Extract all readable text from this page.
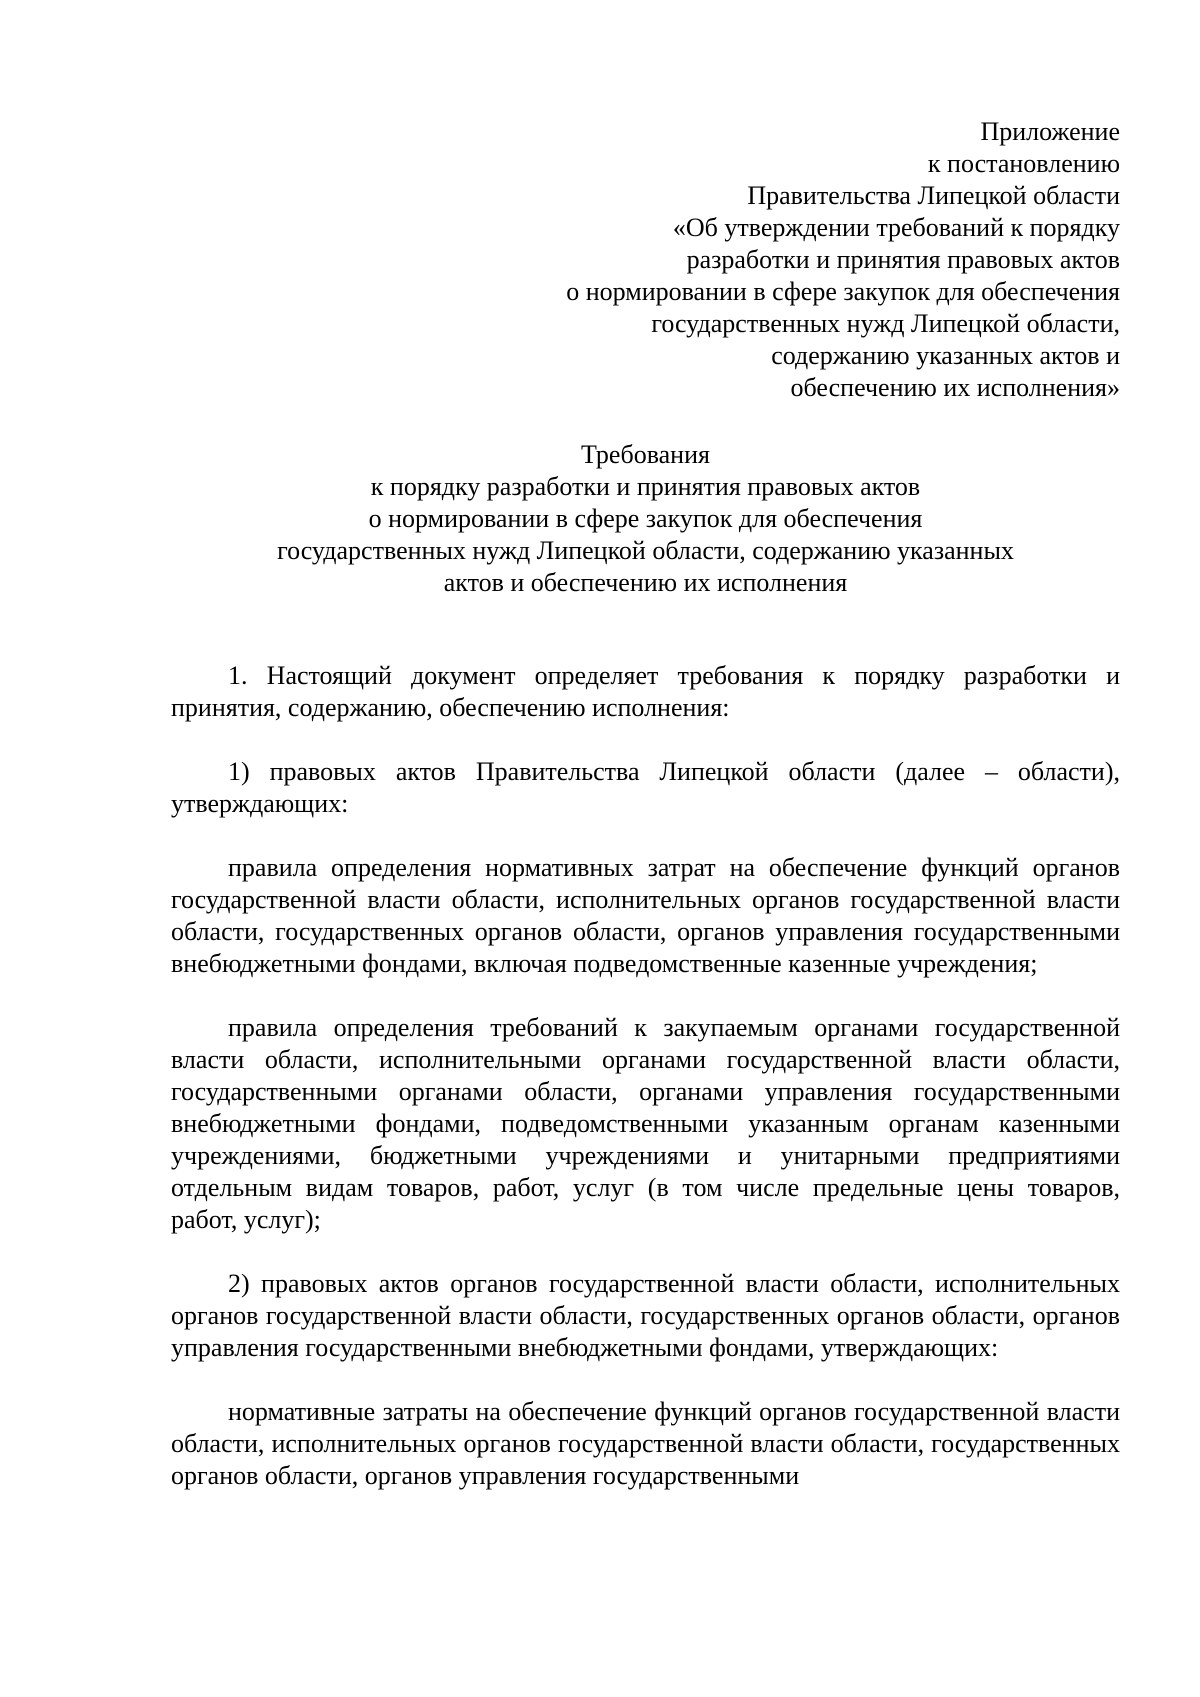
Приложение
к постановлению
Правительства Липецкой области
«Об утверждении требований к порядку
разработки и принятия правовых актов
о нормировании в сфере закупок для обеспечения
государственных нужд Липецкой области,
содержанию указанных актов и
обеспечению их исполнения»
Требования
к порядку разработки и принятия правовых актов
о нормировании в сфере закупок для обеспечения
государственных нужд Липецкой области, содержанию указанных
актов и обеспечению их исполнения

1. Настоящий документ определяет требования к порядку разработки и принятия, содержанию, обеспечению исполнения:

1) правовых актов Правительства Липецкой области (далее – области), утверждающих:

правила определения нормативных затрат на обеспечение функций органов государственной власти области, исполнительных органов государственной власти области, государственных органов области, органов управления государственными внебюджетными фондами, включая подведомственные казенные учреждения;

правила определения требований к закупаемым органами государственной власти области, исполнительными органами государственной власти области, государственными органами области, органами управления государственными внебюджетными фондами, подведомственными указанным органам казенными учреждениями, бюджетными учреждениями и унитарными предприятиями отдельным видам товаров, работ, услуг (в том числе предельные цены товаров, работ, услуг);

2) правовых актов органов государственной власти области, исполнительных органов государственной власти области, государственных органов области, органов управления государственными внебюджетными фондами, утверждающих:

нормативные затраты на обеспечение функций органов государственной власти области, исполнительных органов государственной власти области, государственных органов области, органов управления государственными
